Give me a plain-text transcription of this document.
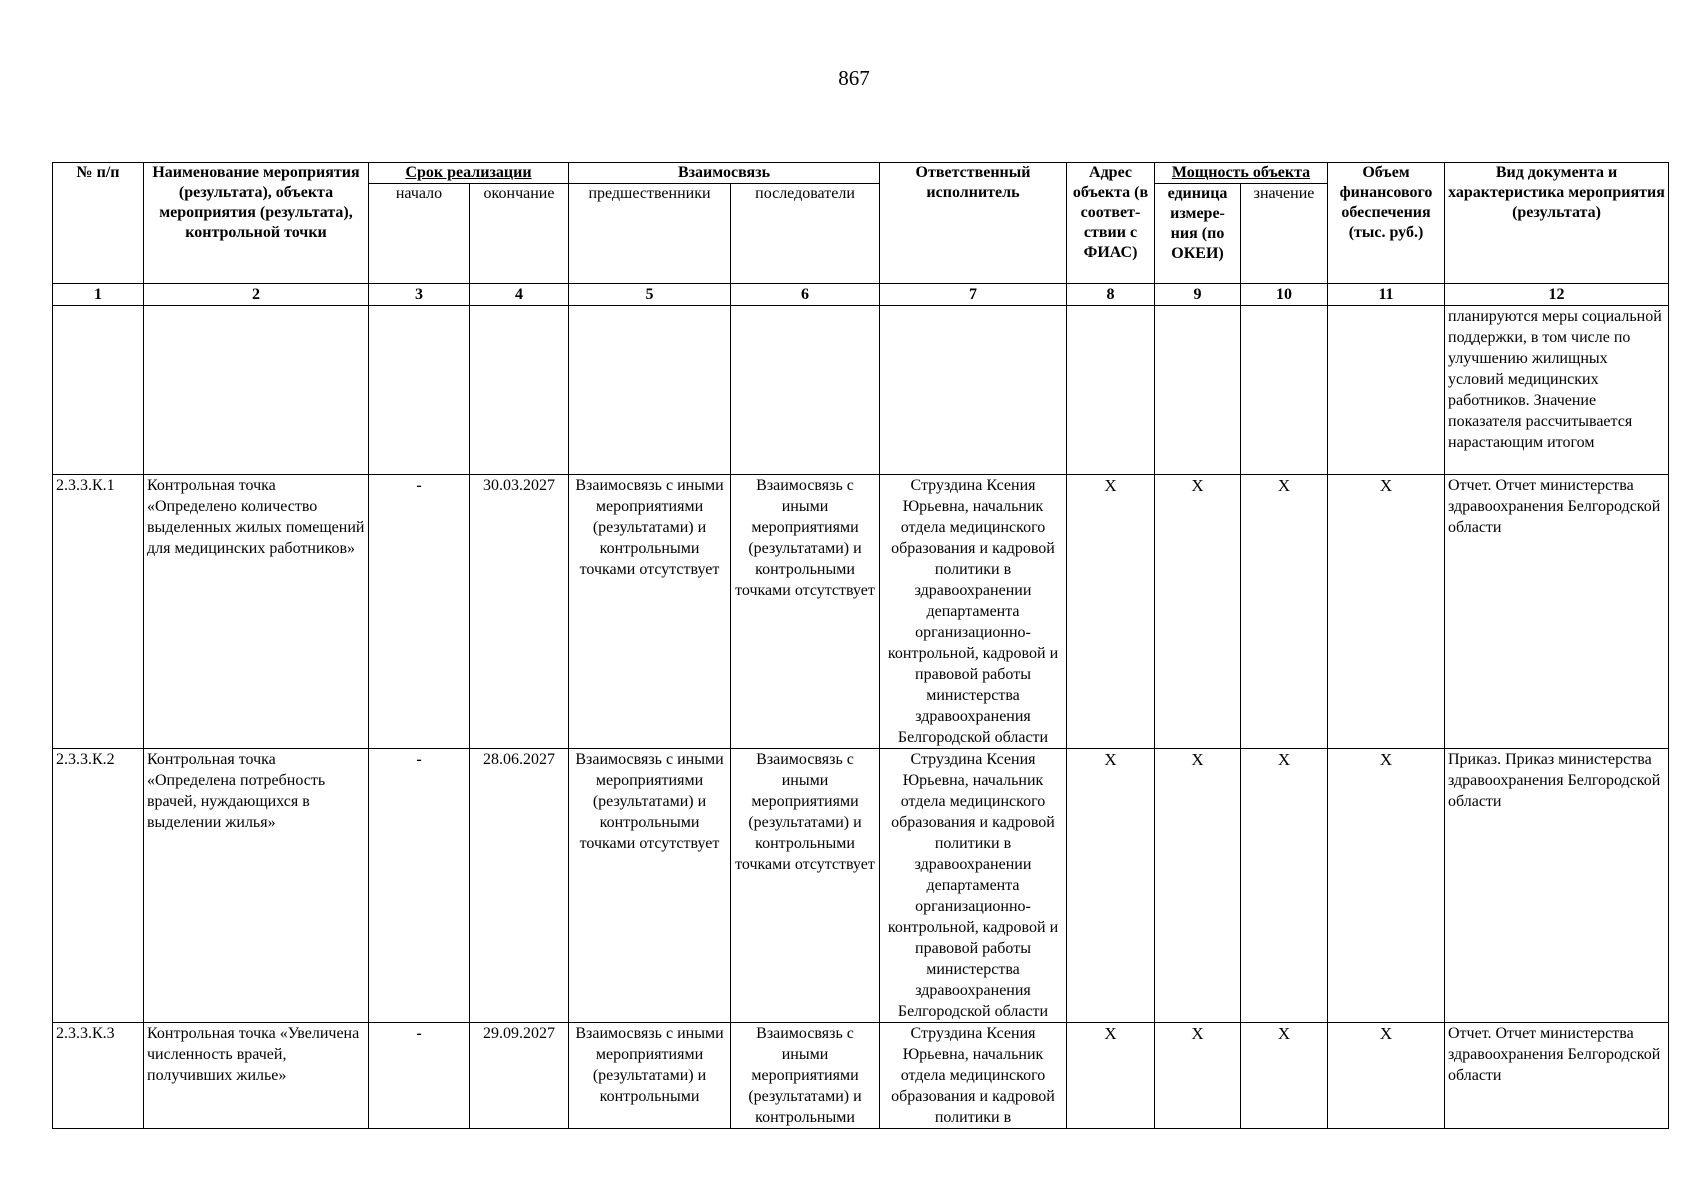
867
№ п/п	Наименование мероприятия (результата), объекта мероприятия (результата), контрольной точки	Срок реализации		Взаимосвязь		Ответственный исполнитель	Адрес объекта (в соответ-ствии с ФИАС)	Мощность объекта		Объем финансового обеспечения (тыс. руб.)	Вид документа и характеристика мероприятия (результата)
		начало	окончание	предшественники	последователи			единица измере-ния (по ОКЕИ)	значение		
1	2	3	4	5	6	7	8	9	10	11	12
											планируются меры социальной поддержки, в том числе по улучшению жилищных условий медицинских работников. Значение показателя рассчитывается нарастающим итогом
2.3.3.К.1	Контрольная точка «Определено количество выделенных жилых помещений для медицинских работников»	-	30.03.2027	Взаимосвязь с иными мероприятиями (результатами) и контрольными точками отсутствует	Взаимосвязь с иными мероприятиями (результатами) и контрольными точками отсутствует	Струздина Ксения Юрьевна, начальник отдела медицинского образования и кадровой политики в здравоохранении департамента организационно-контрольной, кадровой и правовой работы министерства здравоохранения Белгородской области	Х	Х	Х	Х	Отчет. Отчет министерства здравоохранения Белгородской области
2.3.3.К.2	Контрольная точка «Определена потребность врачей, нуждающихся в выделении жилья»	-	28.06.2027	Взаимосвязь с иными мероприятиями (результатами) и контрольными точками отсутствует	Взаимосвязь с иными мероприятиями (результатами) и контрольными точками отсутствует	Струздина Ксения Юрьевна, начальник отдела медицинского образования и кадровой политики в здравоохранении департамента организационно-контрольной, кадровой и правовой работы министерства здравоохранения Белгородской области	Х	Х	Х	Х	Приказ. Приказ министерства здравоохранения Белгородской области
2.3.3.К.3	Контрольная точка «Увеличена численность врачей, получивших жилье»	-	29.09.2027	Взаимосвязь с иными мероприятиями (результатами) и контрольными	Взаимосвязь с иными мероприятиями (результатами) и контрольными	Струздина Ксения Юрьевна, начальник отдела медицинского образования и кадровой политики в	Х	Х	Х	Х	Отчет. Отчет министерства здравоохранения Белгородской области
